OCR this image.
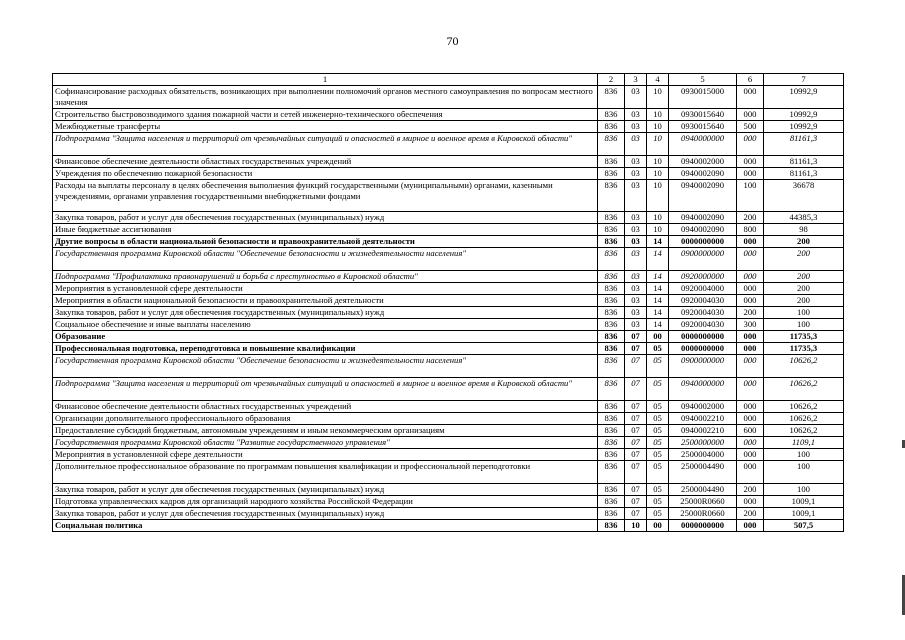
70
1	2	3	4	5	6	7
Софинансирование расходных обязательств, возникающих при выполнении полномочий органов местного самоуправления по вопросам местного значения	836	03	10	0930015000	000	10992,9
Строительство быстровозводимого здания пожарной части и сетей инженерно-технического обеспечения	836	03	10	0930015640	000	10992,9
Межбюджетные трансферты	836	03	10	0930015640	500	10992,9
Подпрограмма "Защита населения и территорий от чрезвычайных ситуаций и опасностей в мирное и военное время в Кировской области"	836	03	10	0940000000	000	81161,3
Финансовое обеспечение деятельности областных государственных учреждений	836	03	10	0940002000	000	81161,3
Учреждения по обеспечению пожарной безопасности	836	03	10	0940002090	000	81161,3
Расходы на выплаты персоналу в целях обеспечения выполнения функций государственными (муниципальными) органами, казенными учреждениями, органами управления государственными внебюджетными фондами	836	03	10	0940002090	100	36678
Закупка товаров, работ и услуг для обеспечения государственных (муниципальных) нужд	836	03	10	0940002090	200	44385,3
Иные бюджетные ассигнования	836	03	10	0940002090	800	98
Другие вопросы в области национальной безопасности и правоохранительной деятельности	836	03	14	0000000000	000	200
Государственная программа Кировской области "Обеспечение безопасности и жизнедеятельности населения"	836	03	14	0900000000	000	200
Подпрограмма "Профилактика правонарушений и борьба с преступностью в Кировской области"	836	03	14	0920000000	000	200
Мероприятия в установленной сфере деятельности	836	03	14	0920004000	000	200
Мероприятия в области национальной безопасности и правоохранительной деятельности	836	03	14	0920004030	000	200
Закупка товаров, работ и услуг для обеспечения государственных (муниципальных) нужд	836	03	14	0920004030	200	100
Социальное обеспечение и иные выплаты населению	836	03	14	0920004030	300	100
Образование	836	07	00	0000000000	000	11735,3
Профессиональная подготовка, переподготовка и повышение квалификации	836	07	05	0000000000	000	11735,3
Государственная программа Кировской области "Обеспечение безопасности и жизнедеятельности населения"	836	07	05	0900000000	000	10626,2
Подпрограмма "Защита населения и территорий от чрезвычайных ситуаций и опасностей в мирное и военное время в Кировской области"	836	07	05	0940000000	000	10626,2
Финансовое обеспечение деятельности областных государственных учреждений	836	07	05	0940002000	000	10626,2
Организации дополнительного профессионального образования	836	07	05	0940002210	000	10626,2
Предоставление субсидий бюджетным, автономным учреждениям и иным некоммерческим организациям	836	07	05	0940002210	600	10626,2
Государственная программа Кировской области "Развитие государственного управления"	836	07	05	2500000000	000	1109,1
Мероприятия в установленной сфере деятельности	836	07	05	2500004000	000	100
Дополнительное профессиональное образование по программам повышения квалификации и профессиональной переподготовки	836	07	05	2500004490	000	100
Закупка товаров, работ и услуг для обеспечения государственных (муниципальных) нужд	836	07	05	2500004490	200	100
Подготовка управленческих кадров для организаций народного хозяйства Российской Федерации	836	07	05	25000R0660	000	1009,1
Закупка товаров, работ и услуг для обеспечения государственных (муниципальных) нужд	836	07	05	25000R0660	200	1009,1
Социальная политика	836	10	00	0000000000	000	507,5
